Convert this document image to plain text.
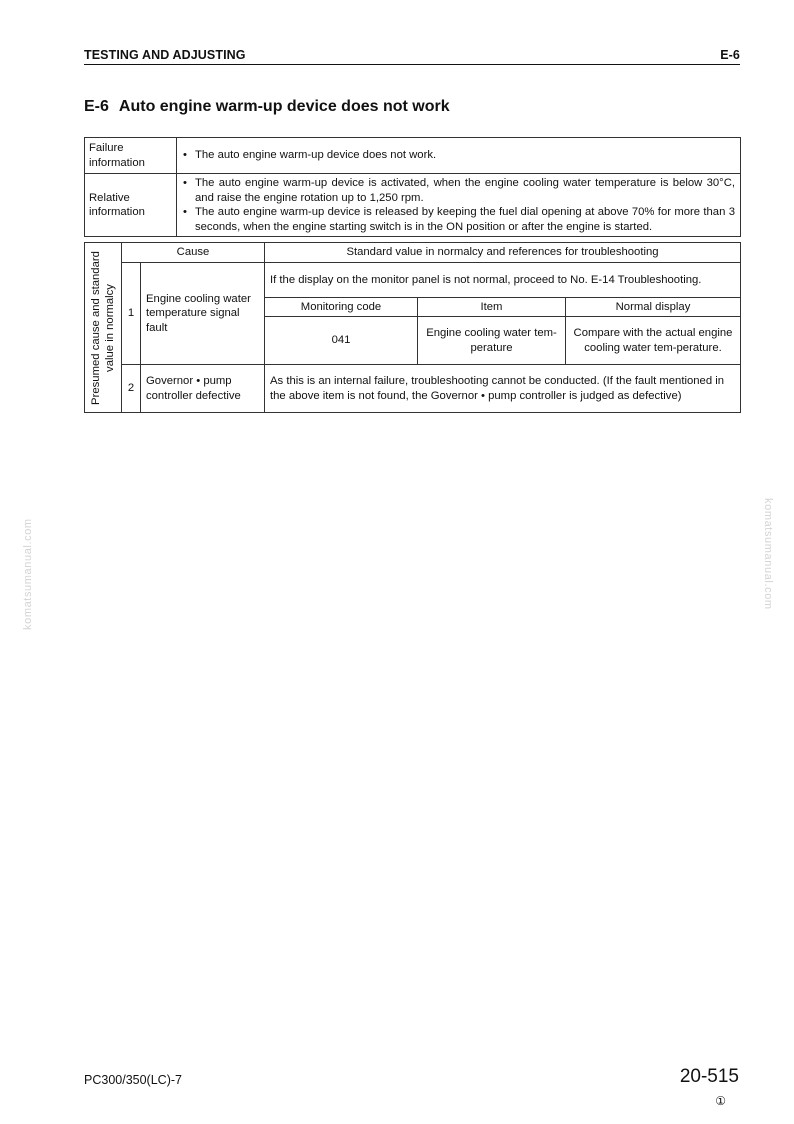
TESTING AND ADJUSTING	E-6
E-6 Auto engine warm-up device does not work
Failure information	• The auto engine warm-up device does not work.

Relative information	• The auto engine warm-up device is activated, when the engine cooling water temperature is below 30°C, and raise the engine rotation up to 1,250 rpm.
• The auto engine warm-up device is released by keeping the fuel dial opening at above 70% for more than 3 seconds, when the engine starting switch is in the ON position or after the engine is started.
Presumed cause and standard value in normalcy	Cause		Standard value in normalcy and references for troubleshooting		
	1	Engine cooling water temperature signal fault	If the display on the monitor panel is not normal, proceed to No. E-14 Troubleshooting.		
			Monitoring code	Item	Normal display
			041	Engine cooling water tem-perature	Compare with the actual engine cooling water tem-perature.
	2	Governor • pump controller defective	As this is an internal failure, troubleshooting cannot be conducted. (If the fault mentioned in the above item is not found, the Governor • pump controller is judged as defective)		
komatsumanual.com	komatsumanual.com
PC300/350(LC)-7	20-515
①
